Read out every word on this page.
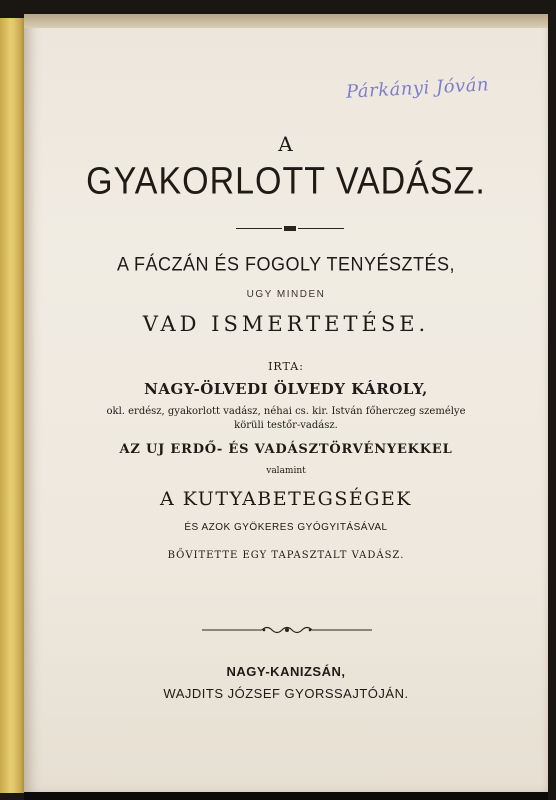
Párkányi Jóván
A
GYAKORLOTT VADÁSZ.
A FÁCZÁN ÉS FOGOLY TENYÉSZTÉS,
UGY MINDEN
VAD ISMERTETÉSE.
IRTA:
NAGY-ÖLVEDI ÖLVEDY KÁROLY,
okl. erdész, gyakorlott vadász, néhai cs. kir. István főherczeg személye
körüli testőr-vadász.
AZ UJ ERDŐ- ÉS VADÁSZTÖRVÉNYEKKEL
valamint
A KUTYABETEGSÉGEK
ÉS AZOK GYÖKERES GYÓGYITÁSÁVAL
BŐVITETTE EGY TAPASZTALT VADÁSZ.
NAGY-KANIZSÁN,
WAJDITS JÓZSEF GYORSSAJTÓJÁN.
